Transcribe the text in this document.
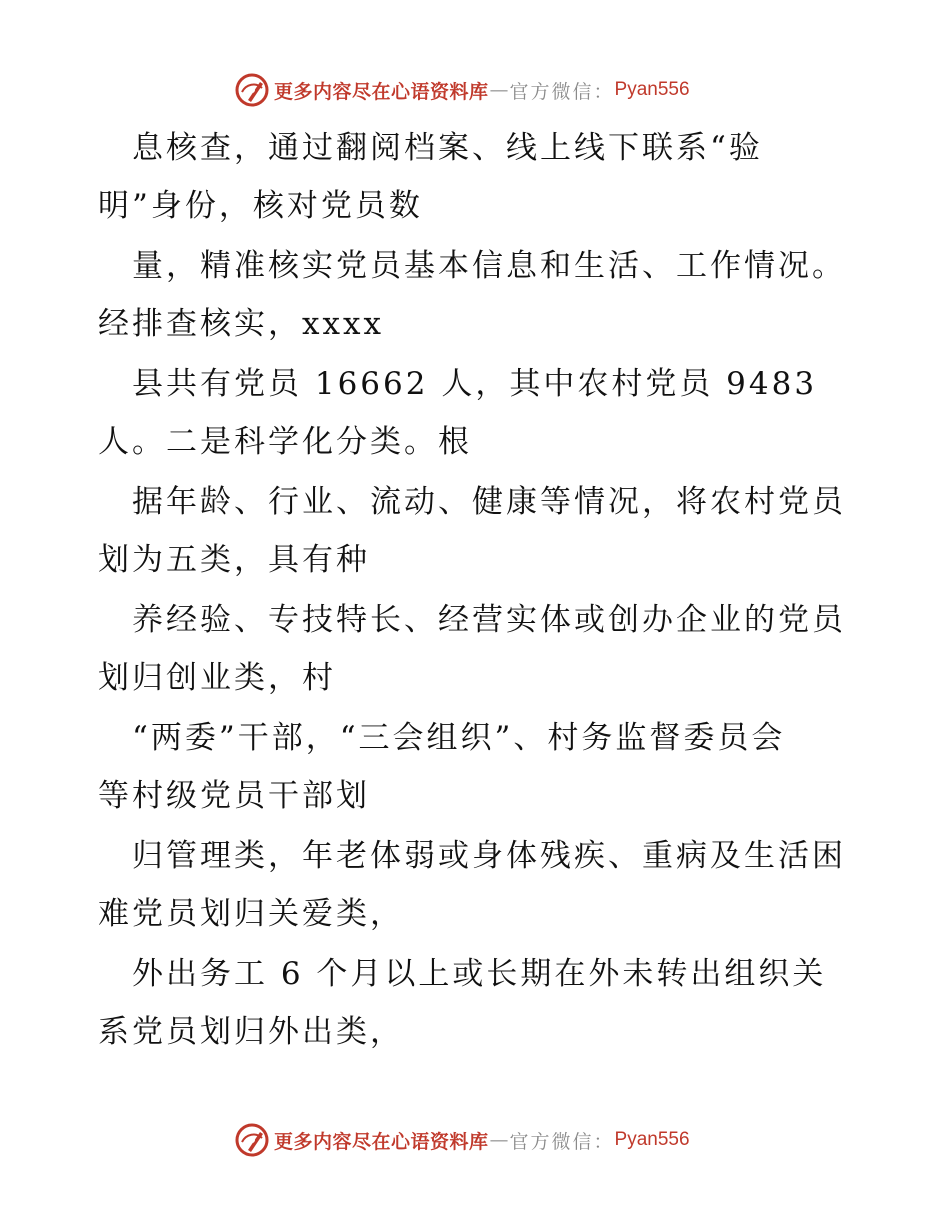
更多内容尽在心语资料库 — 官方微信： Pyan556
　息核查，通过翻阅档案、线上线下联系“验
明”身份，核对党员数
　量，精准核实党员基本信息和生活、工作情况。
经排查核实，xxxx
　县共有党员 16662 人，其中农村党员 9483
人。二是科学化分类。根
　据年龄、行业、流动、健康等情况，将农村党员
划为五类，具有种
　养经验、专技特长、经营实体或创办企业的党员
划归创业类，村
　“两委”干部，“三会组织”、村务监督委员会
等村级党员干部划
　归管理类，年老体弱或身体残疾、重病及生活困
难党员划归关爱类，
　外出务工 6 个月以上或长期在外未转出组织关
系党员划归外出类，
更多内容尽在心语资料库 — 官方微信： Pyan556
